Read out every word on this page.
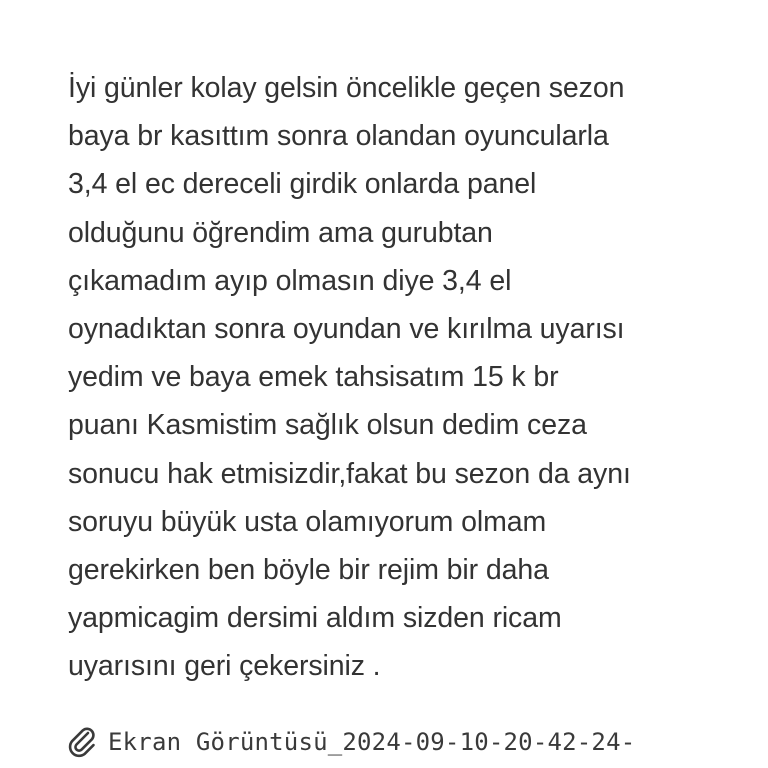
İyi günler kolay gelsin öncelikle geçen sezon
baya br kasıttım sonra olandan oyuncularla
3,4 el ec dereceli girdik onlarda panel
olduğunu öğrendim ama gurubtan
çıkamadım ayıp olmasın diye 3,4 el
oynadıktan sonra oyundan ve kırılma uyarısı
yedim ve baya emek tahsisatım 15 k br
puanı Kasmistim sağlık olsun dedim ceza
sonucu hak etmisizdir,fakat bu sezon da aynı
soruyu büyük usta olamıyorum olmam
gerekirken ben böyle bir rejim bir daha
yapmicagim dersimi aldım sizden ricam
uyarısını geri çekersiniz .
Ekran Görüntüsü_2024-09-10-20-42-24-
